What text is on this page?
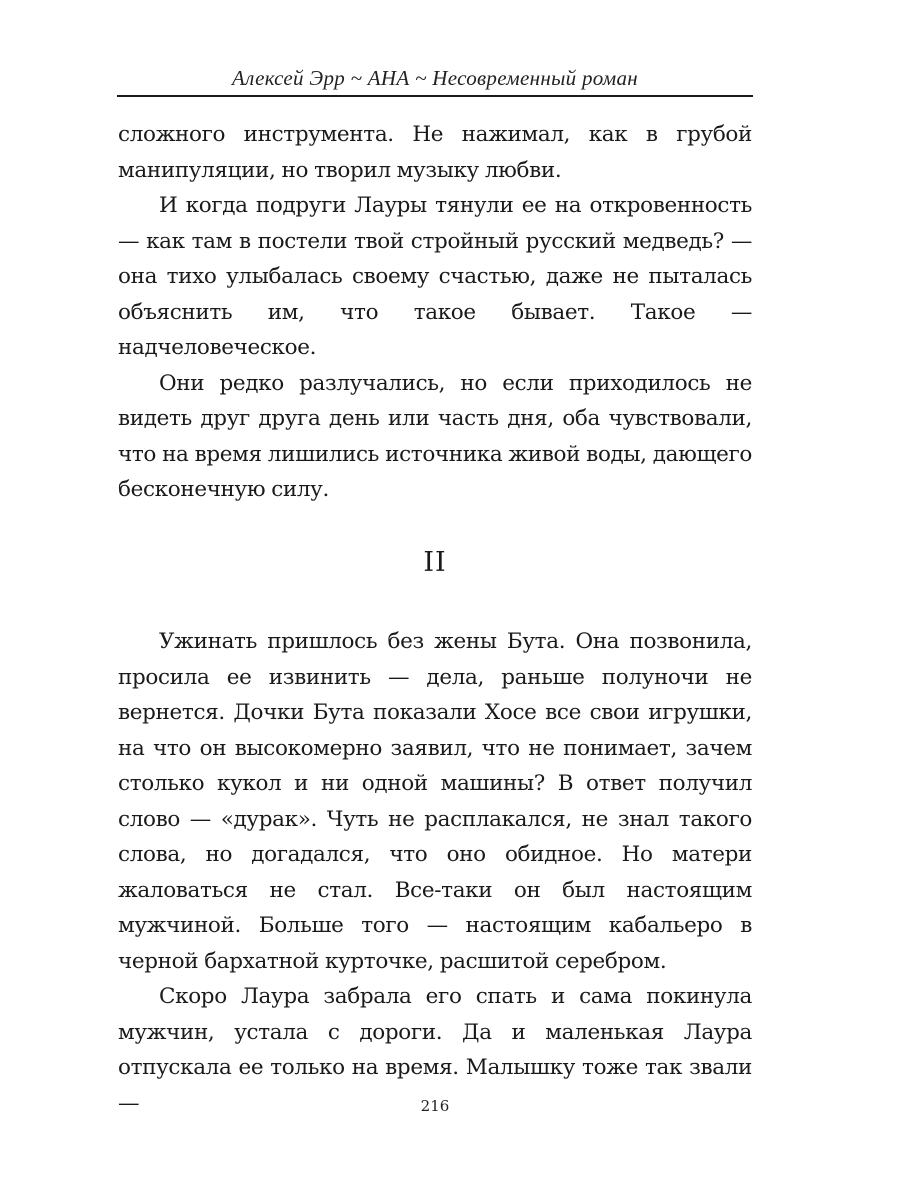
Алексей Эрр ~ АНА ~ Несовременный роман

сложного инструмента. Не нажимал, как в грубой манипуляции, но творил музыку любви.

И когда подруги Лауры тянули ее на откровенность — как там в постели твой стройный русский медведь? — она тихо улыбалась своему счастью, даже не пыталась объяснить им, что такое бывает. Такое — надчеловеческое.

Они редко разлучались, но если приходилось не видеть друг друга день или часть дня, оба чувствовали, что на время лишились источника живой воды, дающего бесконечную силу.

II

Ужинать пришлось без жены Бута. Она позвонила, просила ее извинить — дела, раньше полуночи не вернется. Дочки Бута показали Хосе все свои игрушки, на что он высокомерно заявил, что не понимает, зачем столько кукол и ни одной машины? В ответ получил слово — «дурак». Чуть не расплакался, не знал такого слова, но догадался, что оно обидное. Но матери жаловаться не стал. Все-таки он был настоящим мужчиной. Больше того — настоящим кабальеро в черной бархатной курточке, расшитой серебром.

Скоро Лаура забрала его спать и сама покинула мужчин, устала с дороги. Да и маленькая Лаура отпускала ее только на время. Малышку тоже так звали —	216
